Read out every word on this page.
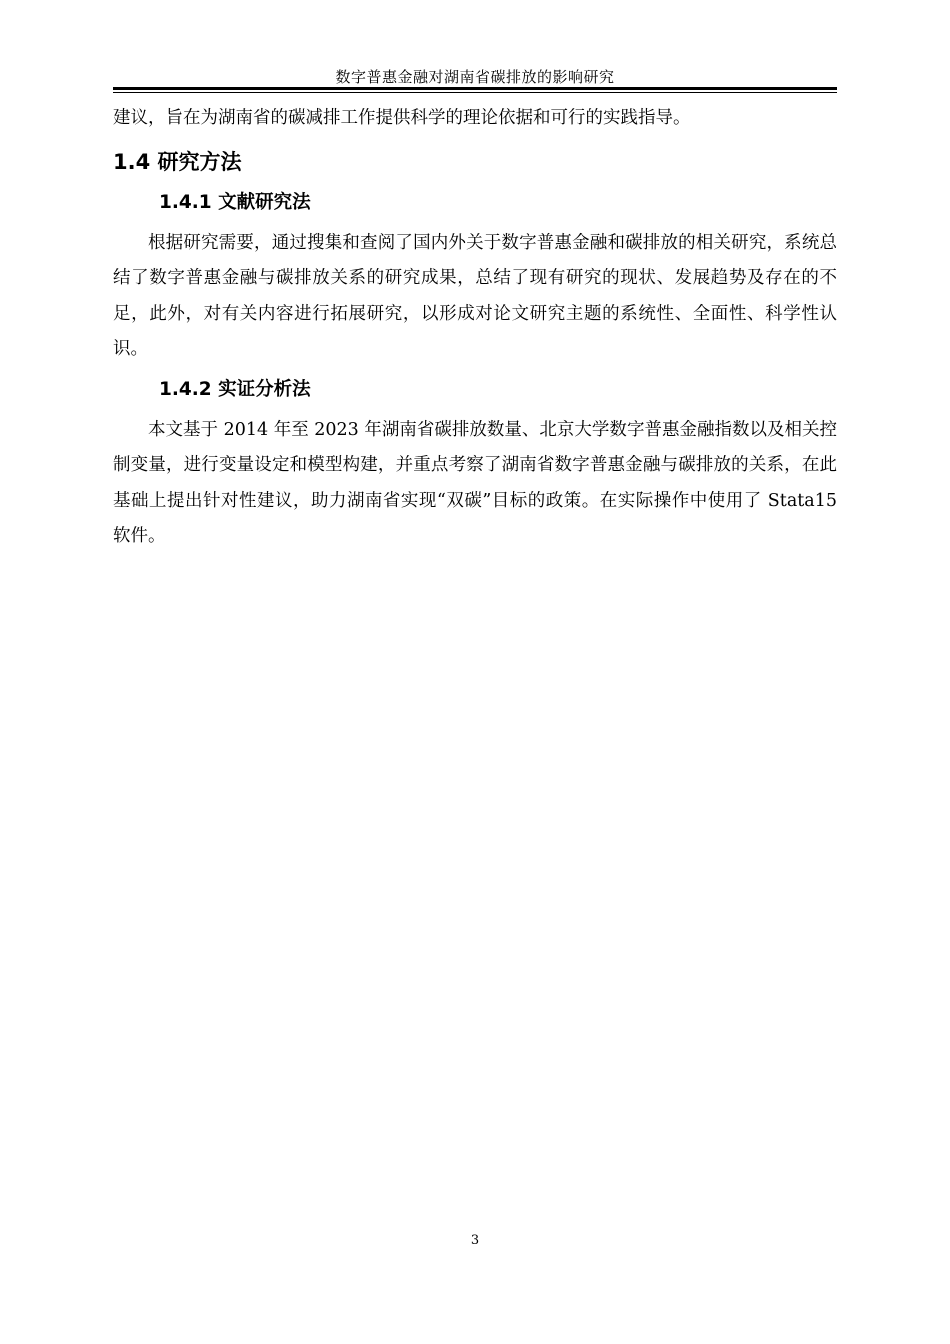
数字普惠金融对湖南省碳排放的影响研究

建议，旨在为湖南省的碳减排工作提供科学的理论依据和可行的实践指导。

1.4 研究方法
1.4.1 文献研究法

根据研究需要，通过搜集和查阅了国内外关于数字普惠金融和碳排放的相关研究，系统总结了数字普惠金融与碳排放关系的研究成果，总结了现有研究的现状、发展趋势及存在的不足，此外，对有关内容进行拓展研究，以形成对论文研究主题的系统性、全面性、科学性认识。

1.4.2 实证分析法

本文基于 2014 年至 2023 年湖南省碳排放数量、北京大学数字普惠金融指数以及相关控制变量，进行变量设定和模型构建，并重点考察了湖南省数字普惠金融与碳排放的关系，在此基础上提出针对性建议，助力湖南省实现“双碳”目标的政策。在实际操作中使用了 Stata15 软件。

3
